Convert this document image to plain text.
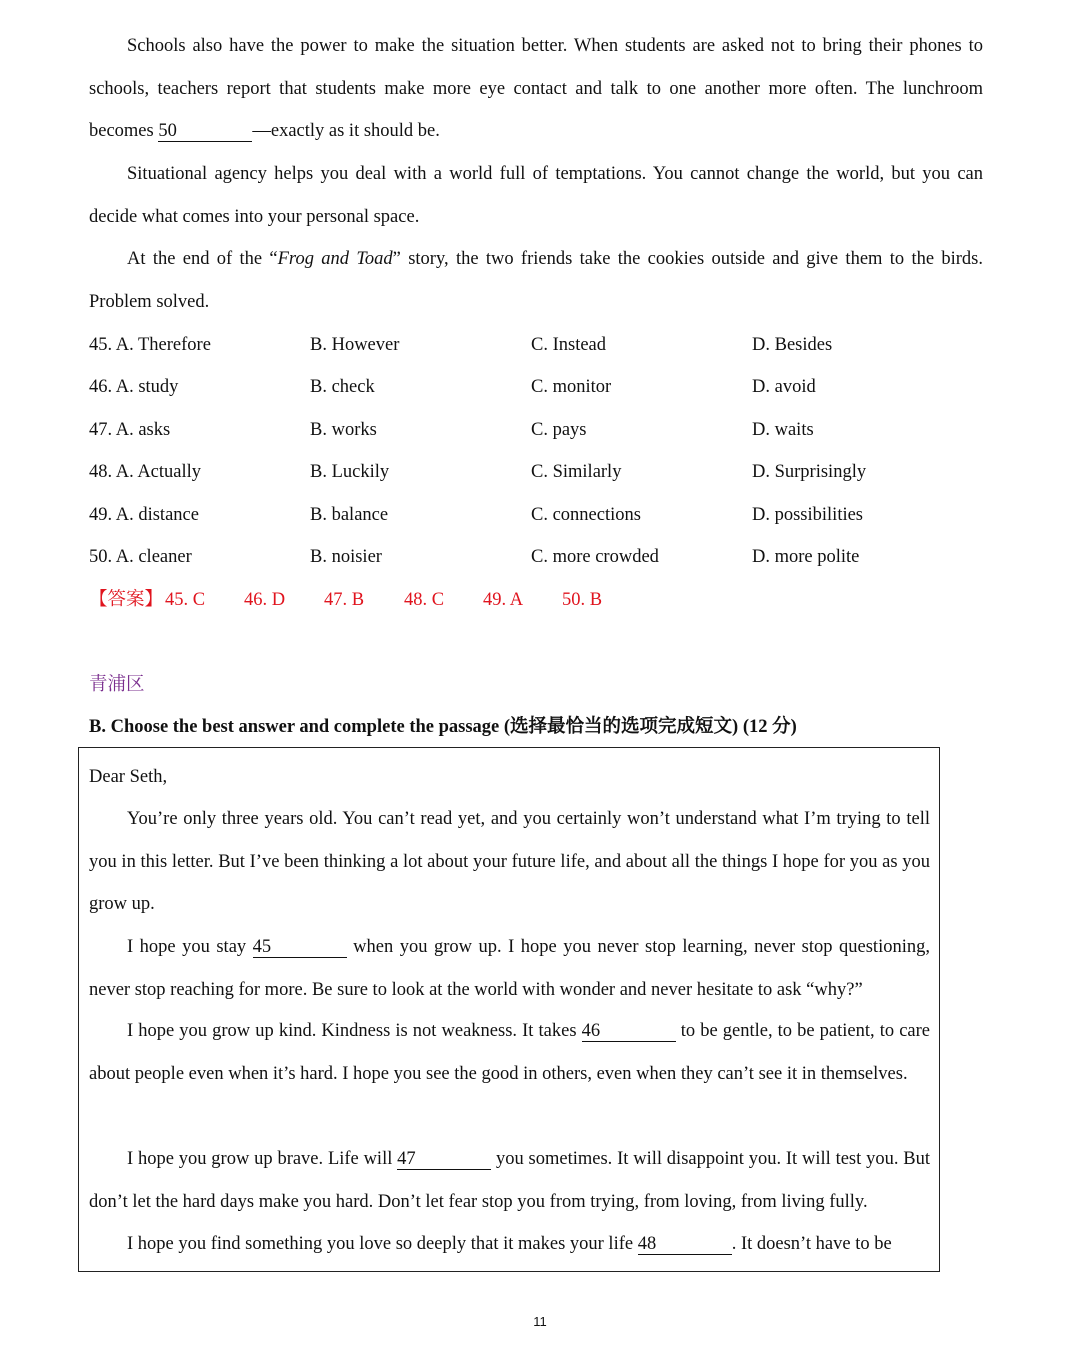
Schools also have the power to make the situation better. When students are asked not to bring their phones to schools, teachers report that students make more eye contact and talk to one another more often. The lunchroom becomes 50	—exactly as it should be.
Situational agency helps you deal with a world full of temptations. You cannot change the world, but you can decide what comes into your personal space.
At the end of the “Frog and Toad” story, the two friends take the cookies outside and give them to the birds. Problem solved.
45. A. Therefore	B. However	C. Instead	D. Besides
46. A. study	B. check	C. monitor	D. avoid
47. A. asks	B. works	C. pays	D. waits
48. A. Actually	B. Luckily	C. Similarly	D. Surprisingly
49. A. distance	B. balance	C. connections	D. possibilities
50. A. cleaner	B. noisier	C. more crowded	D. more polite
【答案】 45. C 46. D 47. B 48. C 49. A 50. B
青浦区
B. Choose the best answer and complete the passage (选择最恰当的选项完成短文) (12 分)
Dear Seth,
You’re only three years old. You can’t read yet, and you certainly won’t understand what I’m trying to tell you in this letter. But I’ve been thinking a lot about your future life, and about all the things I hope for you as you grow up.
I hope you stay 45	when you grow up. I hope you never stop learning, never stop questioning, never stop reaching for more. Be sure to look at the world with wonder and never hesitate to ask “why?”
I hope you grow up kind. Kindness is not weakness. It takes 46	to be gentle, to be patient, to care about people even when it’s hard. I hope you see the good in others, even when they can’t see it in themselves.
I hope you grow up brave. Life will 47	you sometimes. It will disappoint you. It will test you. But don’t let the hard days make you hard. Don’t let fear stop you from trying, from loving, from living fully.
I hope you find something you love so deeply that it makes your life 48	. It doesn’t have to be
11
